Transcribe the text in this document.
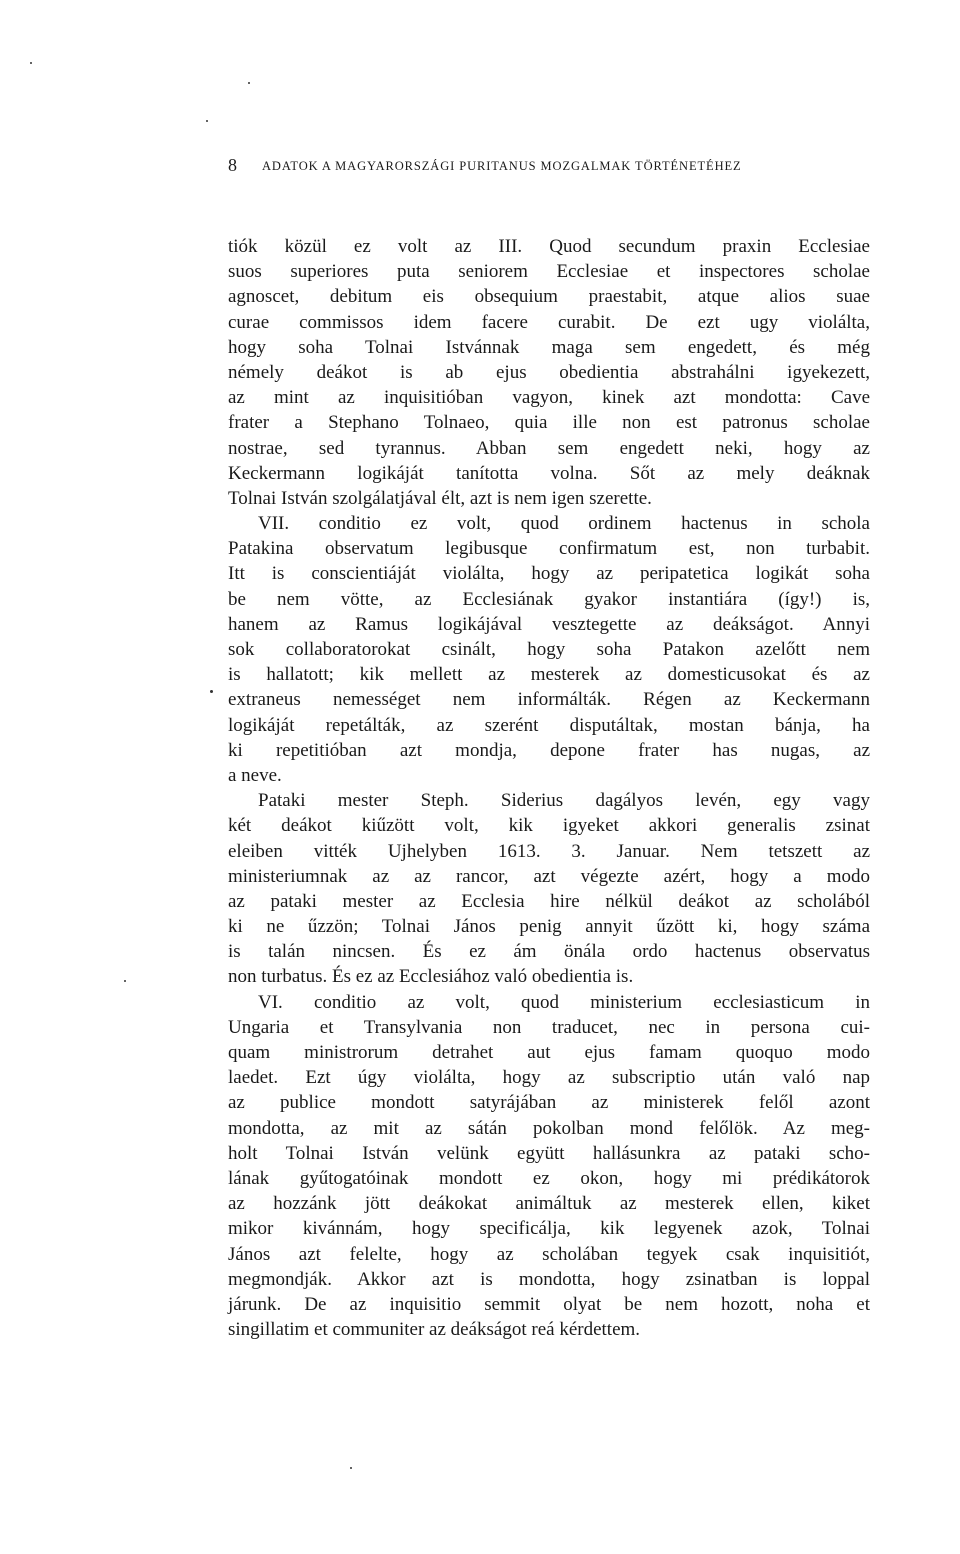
8 ADATOK A MAGYARORSZÁGI PURITANUS MOZGALMAK TÖRTÉNETÉHEZ
tiók közül ez volt az III. Quod secundum praxin Ecclesiae
suos superiores puta seniorem Ecclesiae et inspectores scholae
agnoscet, debitum eis obsequium praestabit, atque alios suae
curae commissos idem facere curabit. De ezt ugy violálta,
hogy soha Tolnai Istvánnak maga sem engedett, és még
némely deákot is ab ejus obedientia abstrahálni igyekezett,
az mint az inquisitióban vagyon, kinek azt mondotta: Cave
frater a Stephano Tolnaeo, quia ille non est patronus scholae
nostrae, sed tyrannus. Abban sem engedett neki, hogy az
Keckermann logikáját tanította volna. Sőt az mely deáknak
Tolnai István szolgálatjával élt, azt is nem igen szerette.
VII. conditio ez volt, quod ordinem hactenus in schola
Patakina observatum legibusque confirmatum est, non turbabit.
Itt is conscientiáját violálta, hogy az peripatetica logikát soha
be nem vötte, az Ecclesiának gyakor instantiára (így!) is,
hanem az Ramus logikájával vesztegette az deákságot. Annyi
sok collaboratorokat csinált, hogy soha Patakon azelőtt nem
is hallatott; kik mellett az mesterek az domesticusokat és az
extraneus nemességet nem informálták. Régen az Keckermann
logikáját repetálták, az szerént disputáltak, mostan bánja, ha
ki repetitióban azt mondja, depone frater has nugas, az
a neve.
Pataki mester Steph. Siderius dagályos levén, egy vagy
két deákot kiűzött volt, kik igyeket akkori generalis zsinat
eleiben vitték Ujhelyben 1613. 3. Januar. Nem tetszett az
ministeriumnak az az rancor, azt végezte azért, hogy a modo
az pataki mester az Ecclesia hire nélkül deákot az scholából
ki ne űzzön; Tolnai János penig annyit űzött ki, hogy száma
is talán nincsen. És ez ám önála ordo hactenus observatus
non turbatus. És ez az Ecclesiához való obedientia is.
VI. conditio az volt, quod ministerium ecclesiasticum in
Ungaria et Transylvania non traducet, nec in persona cui-
quam ministrorum detrahet aut ejus famam quoquo modo
laedet. Ezt úgy violálta, hogy az subscriptio után való nap
az publice mondott satyrájában az ministerek felől azont
mondotta, az mit az sátán pokolban mond felőlök. Az meg-
holt Tolnai István velünk együtt hallásunkra az pataki scho-
lának gyűtogatóinak mondott ez okon, hogy mi prédikátorok
az hozzánk jött deákokat animáltuk az mesterek ellen, kiket
mikor kivánnám, hogy specificálja, kik legyenek azok, Tolnai
János azt felelte, hogy az scholában tegyek csak inquisitiót,
megmondják. Akkor azt is mondotta, hogy zsinatban is loppal
járunk. De az inquisitio semmit olyat be nem hozott, noha et
singillatim et communiter az deákságot reá kérdettem.
